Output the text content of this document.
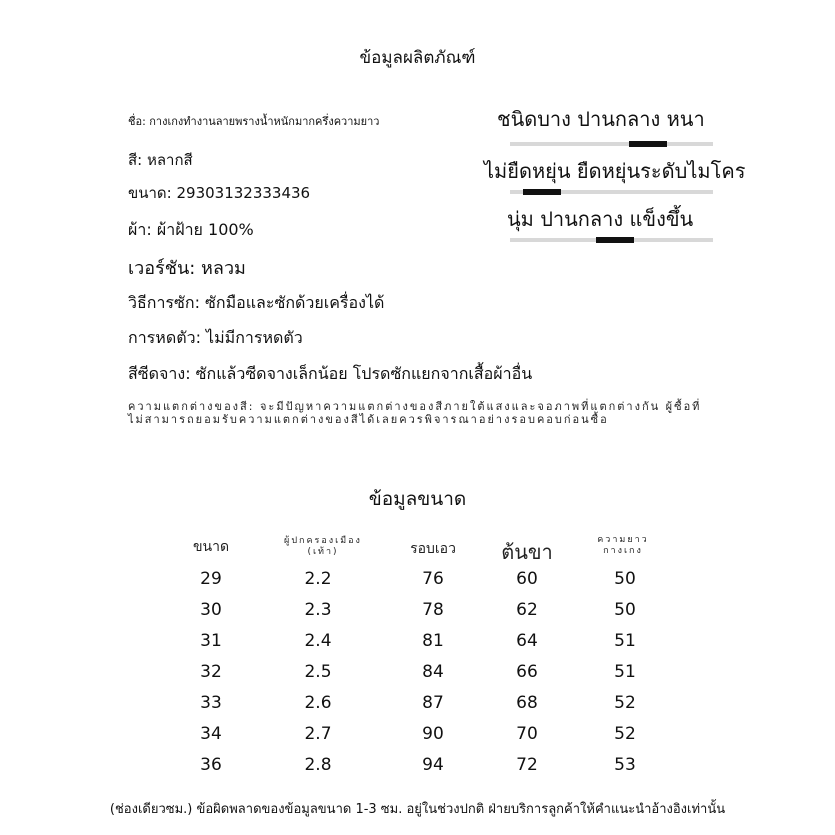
ข้อมูลผลิตภัณฑ์
ชื่อ: กางเกงทำงานลายพรางน้ำหนักมากครึ่งความยาว
สี: หลากสี
ขนาด: 29303132333436
ผ้า: ผ้าฝ้าย 100%
เวอร์ชัน: หลวม
วิธีการซัก: ซักมือและซักด้วยเครื่องได้
การหดตัว: ไม่มีการหดตัว
สีซีดจาง: ซักแล้วซีดจางเล็กน้อย โปรดซักแยกจากเสื้อผ้าอื่น
ความแตกต่างของสี: จะมีปัญหาความแตกต่างของสีภายใต้แสงและจอภาพที่แตกต่างกัน ผู้ซื้อที่ไม่สามารถยอมรับความแตกต่างของสีได้เลยควรพิจารณาอย่างรอบคอบก่อนซื้อ
ชนิดบาง ปานกลาง หนา
ไม่ยืดหยุ่น ยืดหยุ่นระดับไมโคร
นุ่ม ปานกลาง แข็งขึ้น
ข้อมูลขนาด
ขนาด	ผู้ปกครองเมือง (เท้า)	รอบเอว	ต้นขา	ความยาวกางเกง
29	2.2	76	60	50
30	2.3	78	62	50
31	2.4	81	64	51
32	2.5	84	66	51
33	2.6	87	68	52
34	2.7	90	70	52
36	2.8	94	72	53
(ช่องเดียวซม.) ข้อผิดพลาดของข้อมูลขนาด 1-3 ซม. อยู่ในช่วงปกติ ฝ่ายบริการลูกค้าให้คำแนะนำอ้างอิงเท่านั้น
